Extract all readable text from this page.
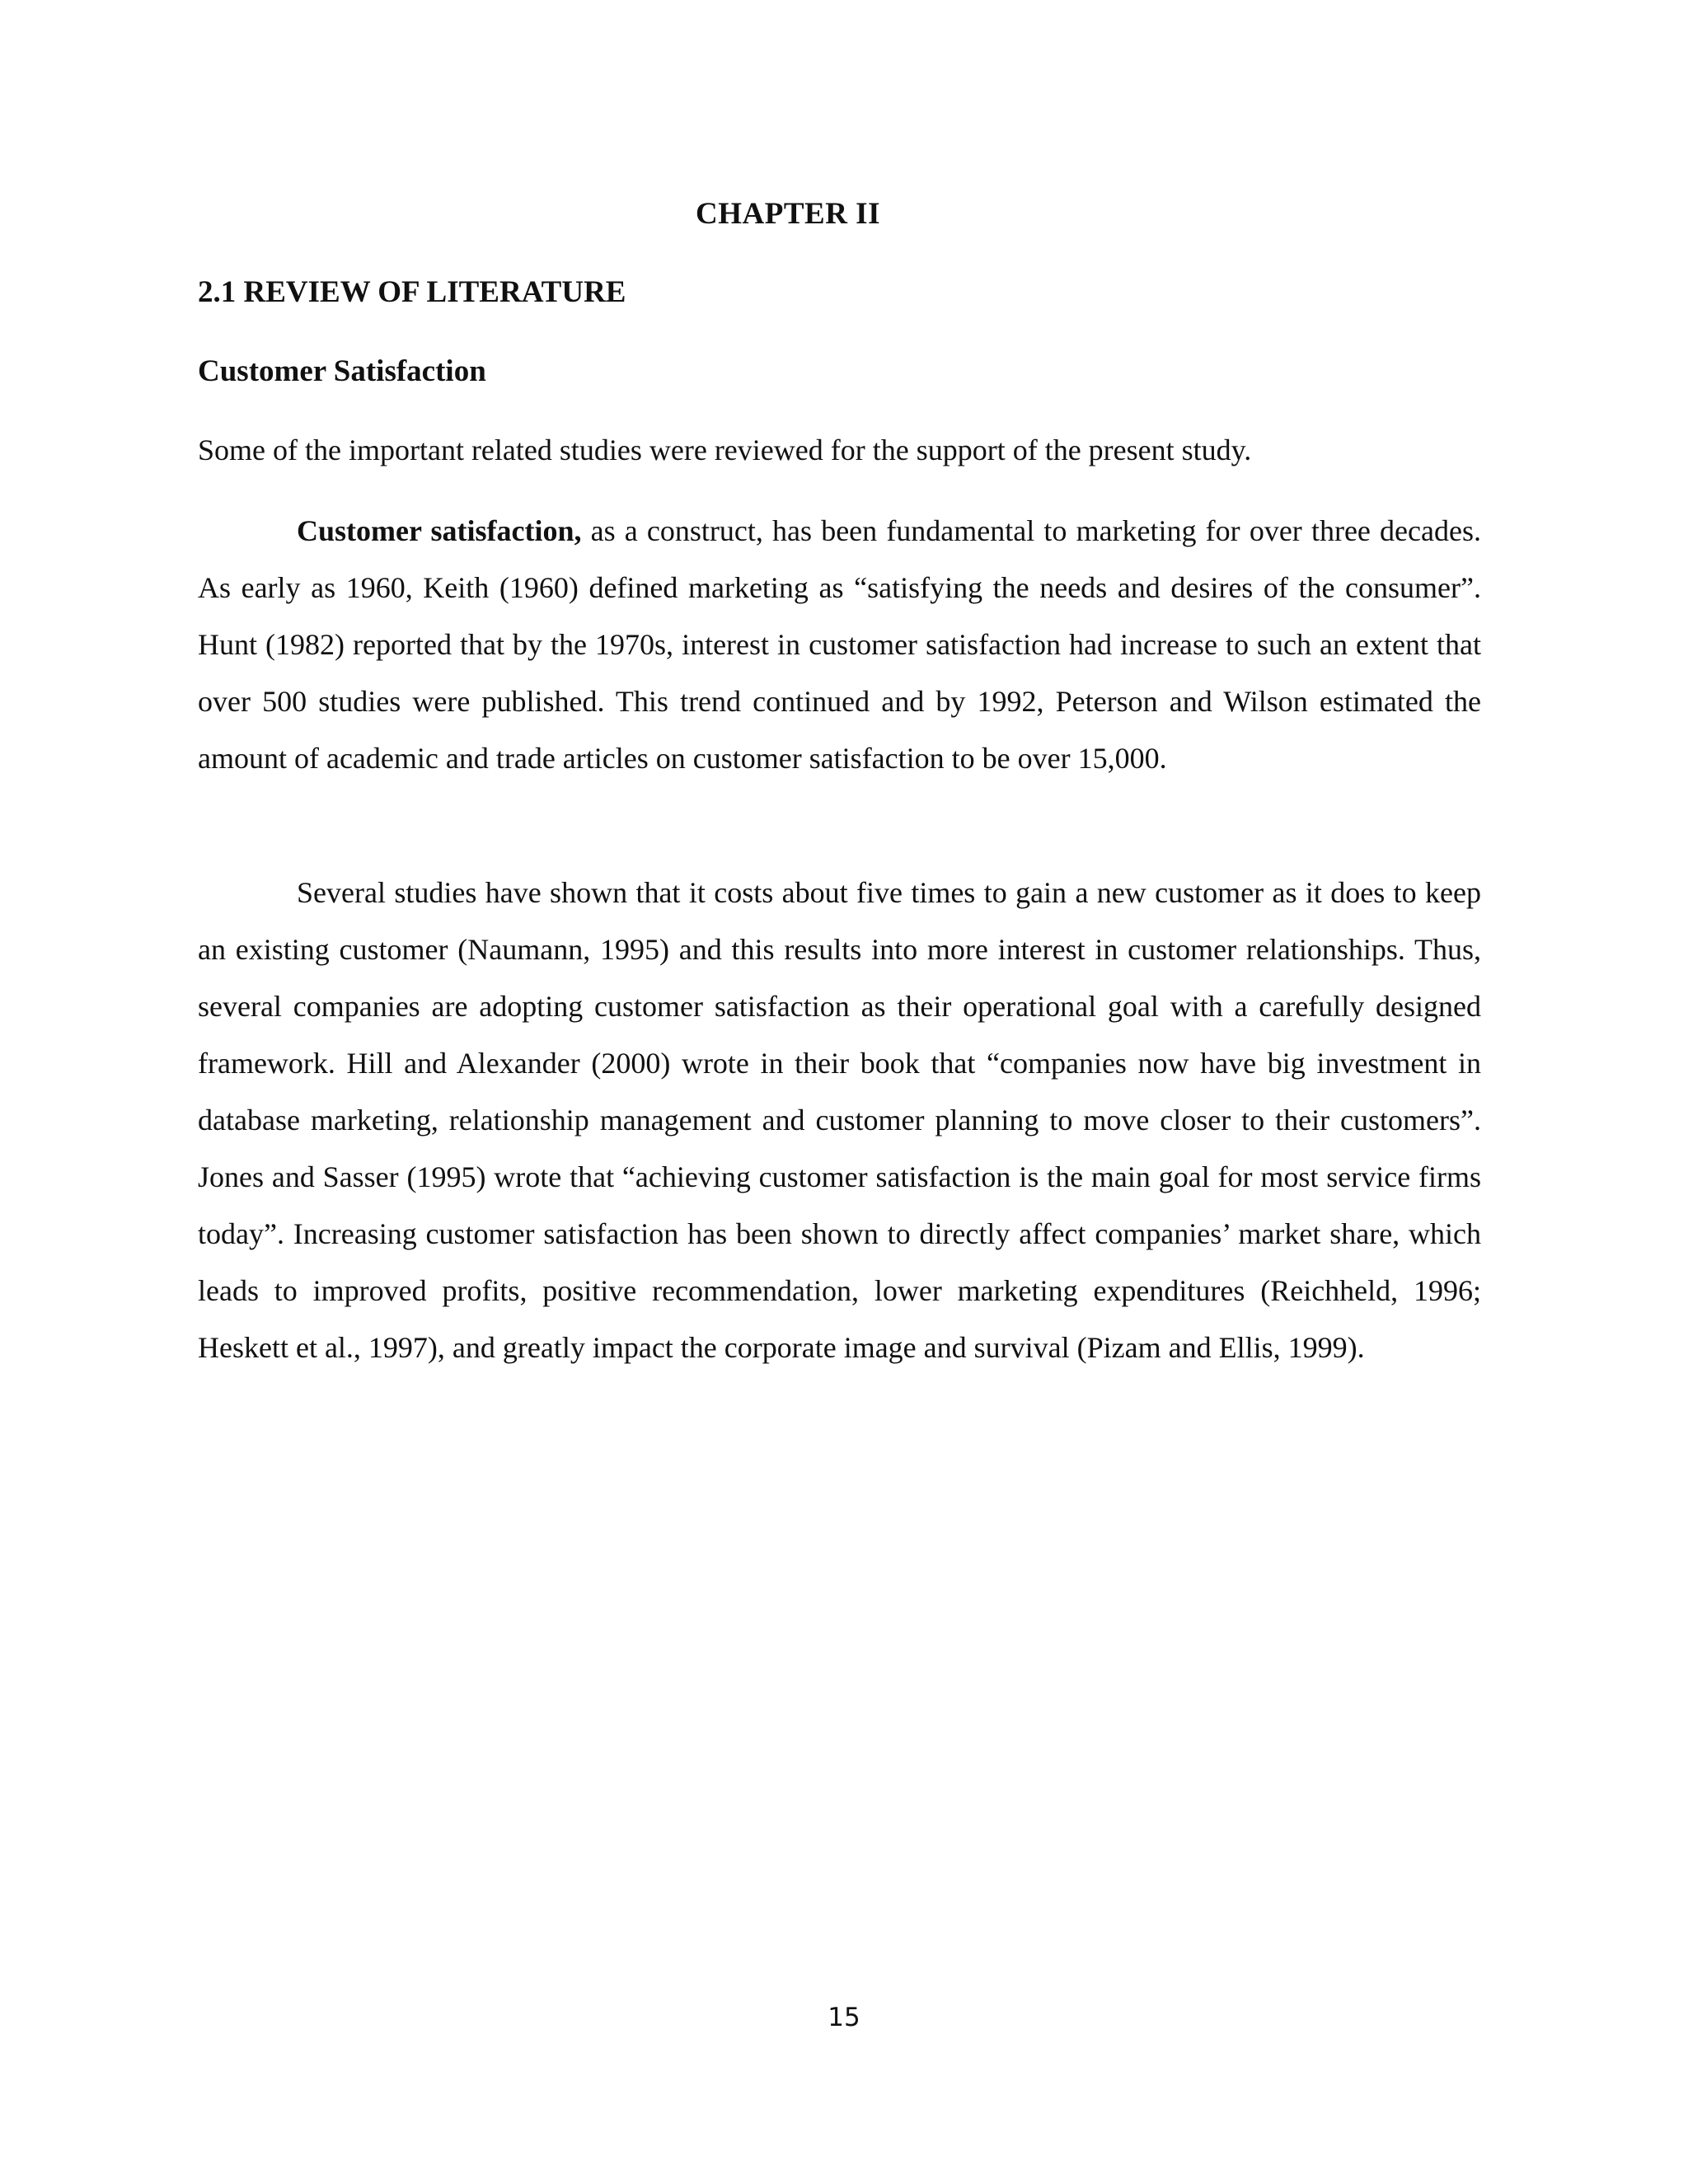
CHAPTER II
2.1 REVIEW OF LITERATURE
Customer Satisfaction
Some of the important related studies were reviewed for the support of the present study.

Customer satisfaction, as a construct, has been fundamental to marketing for over three decades. As early as 1960, Keith (1960) defined marketing as “satisfying the needs and desires of the consumer”. Hunt (1982) reported that by the 1970s, interest in customer satisfaction had increase to such an extent that over 500 studies were published. This trend continued and by 1992, Peterson and Wilson estimated the amount of academic and trade articles on customer satisfaction to be over 15,000.

Several studies have shown that it costs about five times to gain a new customer as it does to keep an existing customer (Naumann, 1995) and this results into more interest in customer relationships. Thus, several companies are adopting customer satisfaction as their operational goal with a carefully designed framework. Hill and Alexander (2000) wrote in their book that “companies now have big investment in database marketing, relationship management and customer planning to move closer to their customers”. Jones and Sasser (1995) wrote that “achieving customer satisfaction is the main goal for most service firms today”. Increasing customer satisfaction has been shown to directly affect companies’ market share, which leads to improved profits, positive recommendation, lower marketing expenditures (Reichheld, 1996; Heskett et al., 1997), and greatly impact the corporate image and survival (Pizam and Ellis, 1999).

15
